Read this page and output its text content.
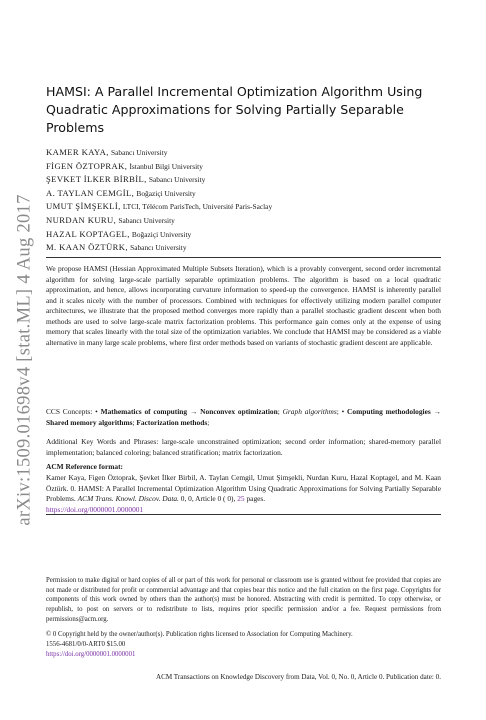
arXiv:1509.01698v4 [stat.ML] 4 Aug 2017
HAMSI: A Parallel Incremental Optimization Algorithm Using Quadratic Approximations for Solving Partially Separable Problems
KAMER KAYA, Sabancı University
FİGEN ÖZTOPRAK, İstanbul Bilgi University
ŞEVKET İLKER BİRBİL, Sabancı University
A. TAYLAN CEMGİL, Boğaziçi University
UMUT ŞİMŞEKLİ, LTCI, Télécom ParisTech, Université Paris-Saclay
NURDAN KURU, Sabancı University
HAZAL KOPTAGEL, Boğaziçi University
M. KAAN ÖZTÜRK, Sabancı University

We propose HAMSI (Hessian Approximated Multiple Subsets Iteration), which is a provably convergent, second order incremental algorithm for solving large-scale partially separable optimization problems. The algorithm is based on a local quadratic approximation, and hence, allows incorporating curvature information to speed-up the convergence. HAMSI is inherently parallel and it scales nicely with the number of processors. Combined with techniques for effectively utilizing modern parallel computer architectures, we illustrate that the proposed method converges more rapidly than a parallel stochastic gradient descent when both methods are used to solve large-scale matrix factorization problems. This performance gain comes only at the expense of using memory that scales linearly with the total size of the optimization variables. We conclude that HAMSI may be considered as a viable alternative in many large scale problems, where first order methods based on variants of stochastic gradient descent are applicable.

CCS Concepts: • Mathematics of computing → Nonconvex optimization; Graph algorithms; • Computing methodologies → Shared memory algorithms; Factorization methods;

Additional Key Words and Phrases: large-scale unconstrained optimization; second order information; shared-memory parallel implementation; balanced coloring; balanced stratification; matrix factorization.

ACM Reference format:

Kamer Kaya, Figen Öztoprak, Şevket İlker Birbil, A. Taylan Cemgil, Umut Şimşekli, Nurdan Kuru, Hazal Koptagel, and M. Kaan Öztürk. 0. HAMSI: A Parallel Incremental Optimization Algorithm Using Quadratic Approximations for Solving Partially Separable Problems. ACM Trans. Knowl. Discov. Data. 0, 0, Article 0 ( 0), 25 pages.
https://doi.org/0000001.0000001

Permission to make digital or hard copies of all or part of this work for personal or classroom use is granted without fee provided that copies are not made or distributed for profit or commercial advantage and that copies bear this notice and the full citation on the first page. Copyrights for components of this work owned by others than the author(s) must be honored. Abstracting with credit is permitted. To copy otherwise, or republish, to post on servers or to redistribute to lists, requires prior specific permission and/or a fee. Request permissions from permissions@acm.org.

© 0 Copyright held by the owner/author(s). Publication rights licensed to Association for Computing Machinery.

1556-4681/0/0-ART0 $15.00

https://doi.org/0000001.0000001

ACM Transactions on Knowledge Discovery from Data, Vol. 0, No. 0, Article 0. Publication date: 0.
